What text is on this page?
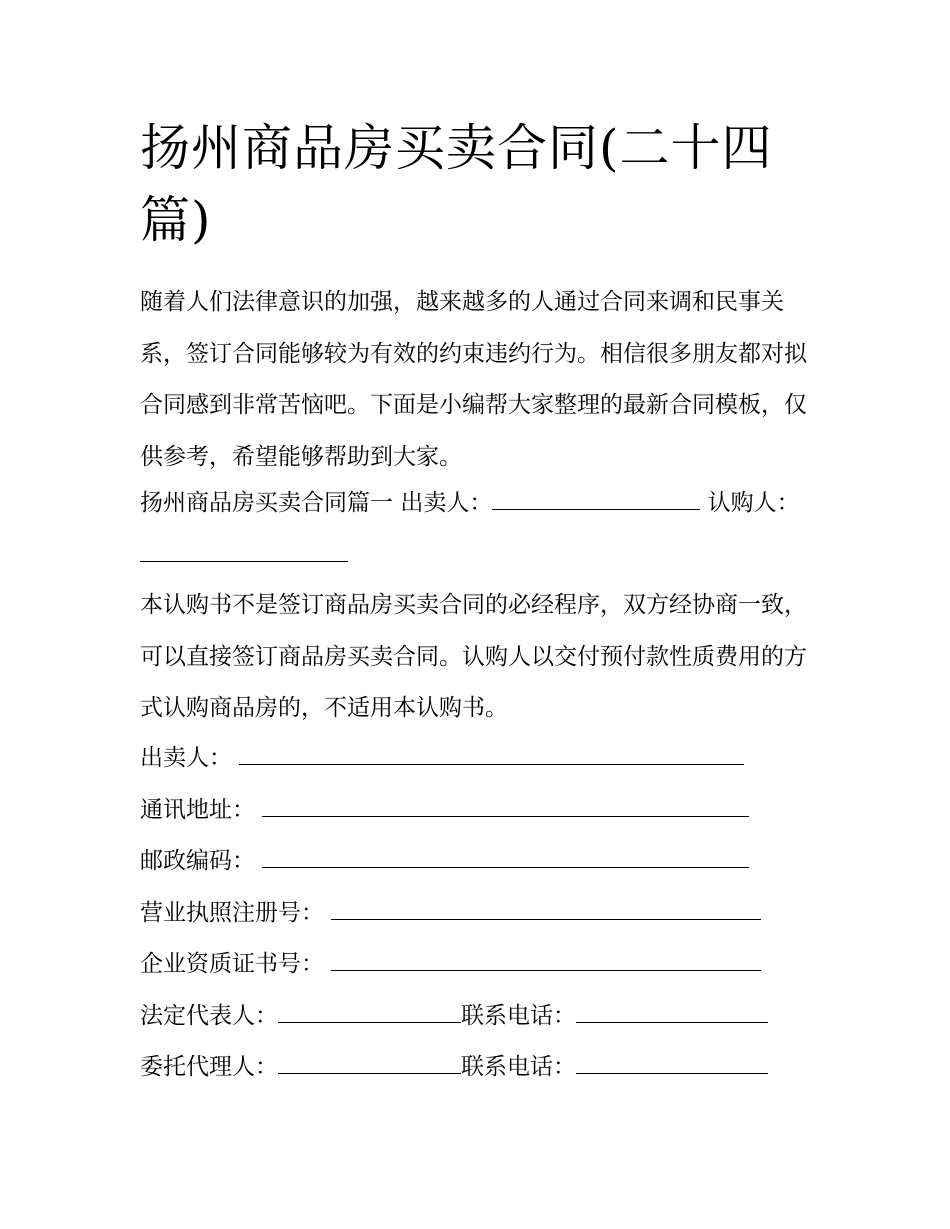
扬州商品房买卖合同(二十四篇)

随着人们法律意识的加强，越来越多的人通过合同来调和民事关系，签订合同能够较为有效的约束违约行为。相信很多朋友都对拟合同感到非常苦恼吧。下面是小编帮大家整理的最新合同模板，仅供参考，希望能够帮助到大家。

扬州商品房买卖合同篇一 出卖人：	认购人：

本认购书不是签订商品房买卖合同的必经程序，双方经协商一致，可以直接签订商品房买卖合同。认购人以交付预付款性质费用的方式认购商品房的，不适用本认购书。

出卖人：
通讯地址：
邮政编码：
营业执照注册号：
企业资质证书号：
法定代表人：	联系电话：
委托代理人：	联系电话：
